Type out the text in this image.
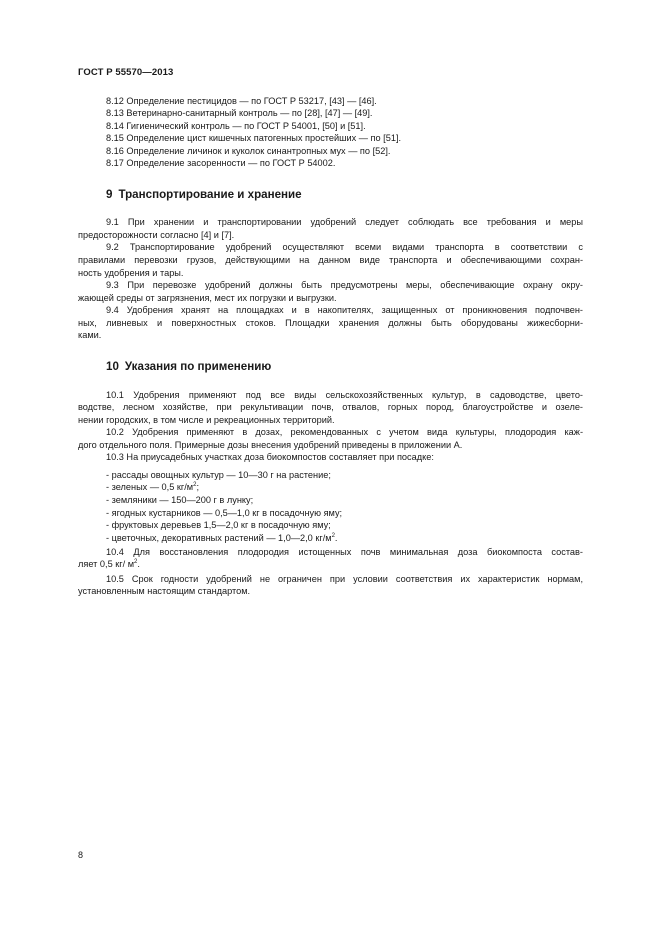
ГОСТ Р 55570—2013
8.12 Определение пестицидов — по ГОСТ Р 53217, [43] — [46].
8.13 Ветеринарно-санитарный контроль — по [28], [47] — [49].
8.14 Гигиенический контроль — по ГОСТ Р 54001, [50] и [51].
8.15 Определение цист кишечных патогенных простейших — по [51].
8.16 Определение личинок и куколок синантропных мух — по [52].
8.17 Определение засоренности — по ГОСТ Р 54002.
9 Транспортирование и хранение
9.1 При хранении и транспортировании удобрений следует соблюдать все требования и меры
предосторожности согласно [4] и [7].
9.2 Транспортирование удобрений осуществляют всеми видами транспорта в соответствии с
правилами перевозки грузов, действующими на данном виде транспорта и обеспечивающими сохран-
ность удобрения и тары.
9.3 При перевозке удобрений должны быть предусмотрены меры, обеспечивающие охрану окру-
жающей среды от загрязнения, мест их погрузки и выгрузки.
9.4 Удобрения хранят на площадках и в накопителях, защищенных от проникновения подпочвен-
ных, ливневых и поверхностных стоков. Площадки хранения должны быть оборудованы жижесборни-
ками.
10 Указания по применению
10.1 Удобрения применяют под все виды сельскохозяйственных культур, в садоводстве, цвето-
водстве, лесном хозяйстве, при рекультивации почв, отвалов, горных пород, благоустройстве и озеле-
нении городских, в том числе и рекреационных территорий.
10.2 Удобрения применяют в дозах, рекомендованных с учетом вида культуры, плодородия каж-
дого отдельного поля. Примерные дозы внесения удобрений приведены в приложении А.
10.3 На приусадебных участках доза биокомпостов составляет при посадке:
- рассады овощных культур — 10—30 г на растение;
- зеленых — 0,5 $кг/м^2$;
- земляники — 150—200 г в лунку;
- ягодных кустарников — 0,5—1,0 кг в посадочную яму;
- фруктовых деревьев 1,5—2,0 кг в посадочную яму;
- цветочных, декоративных растений — 1,0—2,0 $кг/м^2$.
10.4 Для восстановления плодородия истощенных почв минимальная доза биокомпоста состав-
ляет 0,5 кг/ $м^2$.
10.5 Срок годности удобрений не ограничен при условии соответствия их характеристик нормам,
установленным настоящим стандартом.
8
